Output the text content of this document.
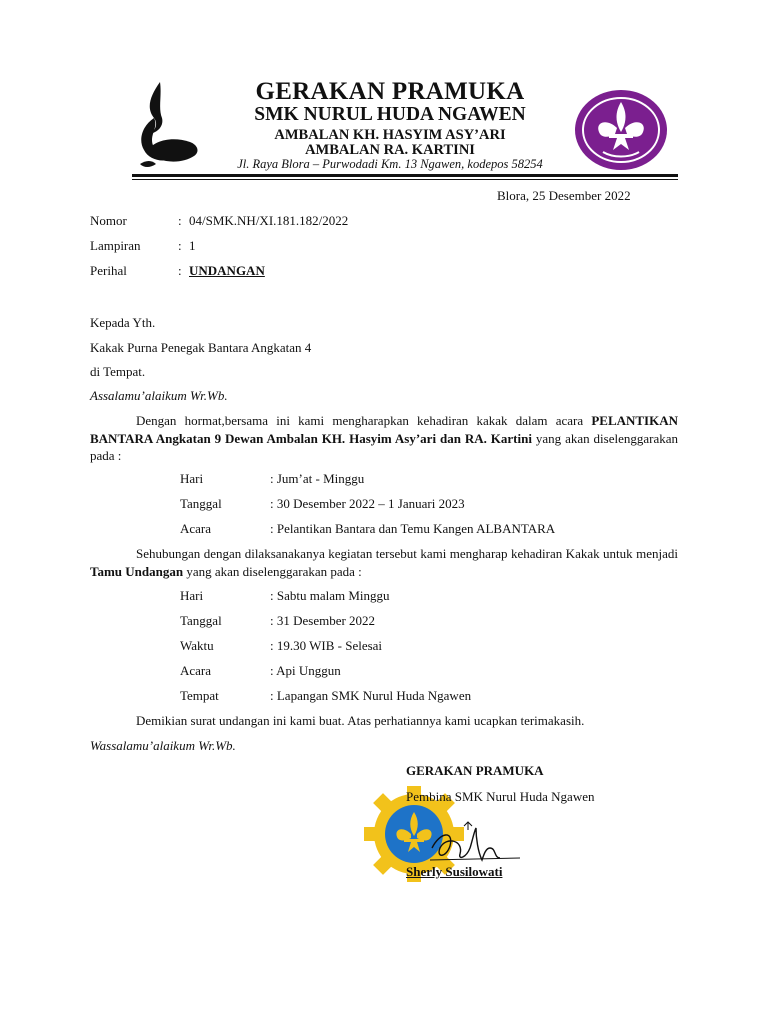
GERAKAN PRAMUKA
SMK NURUL HUDA NGAWEN
AMBALAN KH. HASYIM ASY’ARI
AMBALAN RA. KARTINI
Jl. Raya Blora – Purwodadi Km. 13 Ngawen, kodepos 58254
Blora, 25 Desember 2022
Nomor	: 04/SMK.NH/XI.181.182/2022
Lampiran	: 1
Perihal	: UNDANGAN
Kepada Yth.
Kakak Purna Penegak Bantara Angkatan 4
di Tempat.
Assalamu’alaikum Wr.Wb.
Dengan hormat,bersama ini kami mengharapkan kehadiran kakak dalam acara PELANTIKAN BANTARA Angkatan 9 Dewan Ambalan KH. Hasyim Asy’ari dan RA. Kartini yang akan diselenggarakan pada :
Hari	: Jum’at - Minggu
Tanggal	: 30 Desember 2022 – 1 Januari 2023
Acara	: Pelantikan Bantara dan Temu Kangen ALBANTARA
Sehubungan dengan dilaksanakanya kegiatan tersebut kami mengharap kehadiran Kakak untuk menjadi Tamu Undangan yang akan diselenggarakan pada :
Hari	: Sabtu malam Minggu
Tanggal	: 31 Desember 2022
Waktu	: 19.30 WIB - Selesai
Acara	: Api Unggun
Tempat	: Lapangan SMK Nurul Huda Ngawen
Demikian surat undangan ini kami buat. Atas perhatiannya kami ucapkan terimakasih.
Wassalamu’alaikum Wr.Wb.
GERAKAN PRAMUKA
Pembina SMK Nurul Huda Ngawen
Sherly Susilowati
